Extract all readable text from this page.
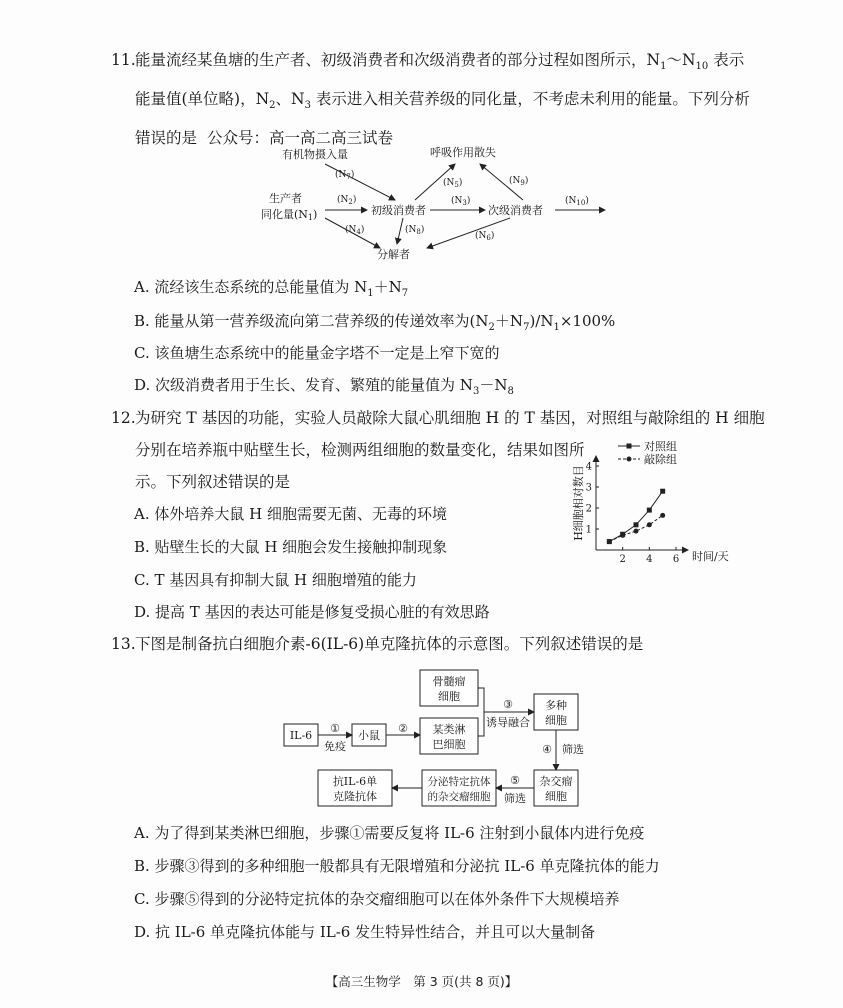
11.能量流经某鱼塘的生产者、初级消费者和次级消费者的部分过程如图所示，$N_1\sim N_{10}$ 表示
能量值(单位略)，$N_2$、$N_3$ 表示进入相关营养级的同化量，不考虑未利用的能量。下列分析
错误的是 公众号：高一高二高三试卷
有机物摄入量
$(N_7)$
呼吸作用散失
生产者
同化量(N1)	初级消费者	次级消费者
分解者
$(N_2)$
$(N_4)$
$(N_5)$
$(N_3)$
$(N_9)$
$(N_6)$
$(N_8)$
$(N_{10})$
A. 流经该生态系统的总能量值为 $N_1+N_7$
B. 能量从第一营养级流向第二营养级的传递效率为$(N_2+N_7)/N_1\times 100\%$
C. 该鱼塘生态系统中的能量金字塔不一定是上窄下宽的
D. 次级消费者用于生长、发育、繁殖的能量值为 $N_3-N_8$
12.为研究 T 基因的功能，实验人员敲除大鼠心肌细胞 H 的 T 基因，对照组与敲除组的 H 细胞
分别在培养瓶中贴壁生长，检测两组细胞的数量变化，结果如图所
示。下列叙述错误的是	H细胞相对数目
时间/天
2 4 6
1
2
3
4
对照组
敲除组
A. 体外培养大鼠 H 细胞需要无菌、无毒的环境
B. 贴壁生长的大鼠 H 细胞会发生接触抑制现象
C. T 基因具有抑制大鼠 H 细胞增殖的能力
D. 提高 T 基因的表达可能是修复受损心脏的有效思路
13.下图是制备抗白细胞介素-6(IL-6)单克隆抗体的示意图。下列叙述错误的是
IL-6
①
免疫
小鼠
②
骨髓瘤
细胞
某类淋
巴细胞
③
诱导融合
多种
细胞
④ 筛选
杂交瘤
细胞
⑤
筛选
分泌特定抗体
的杂交瘤细胞
抗IL-6单
克隆抗体
A. 为了得到某类淋巴细胞，步骤①需要反复将 IL-6 注射到小鼠体内进行免疫
B. 步骤③得到的多种细胞一般都具有无限增殖和分泌抗 IL-6 单克隆抗体的能力
C. 步骤⑤得到的分泌特定抗体的杂交瘤细胞可以在体外条件下大规模培养
D. 抗 IL-6 单克隆抗体能与 IL-6 发生特异性结合，并且可以大量制备
【高三生物学　第 3 页(共 8 页)】
